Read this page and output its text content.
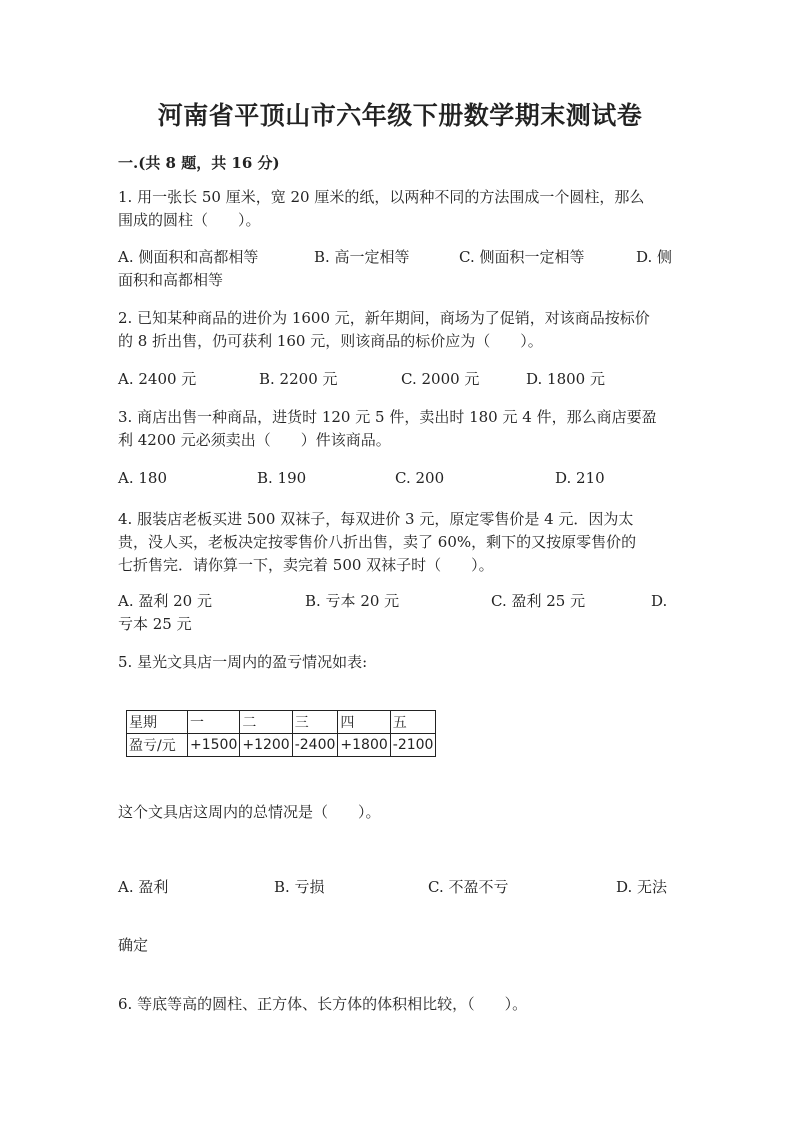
河南省平顶山市六年级下册数学期末测试卷
一.(共 8 题，共 16 分)
1. 用一张长 50 厘米，宽 20 厘米的纸，以两种不同的方法围成一个圆柱，那么
围成的圆柱（　　）。
A. 侧面积和高都相等	B. 高一定相等	C. 侧面积一定相等	D. 侧
面积和高都相等
2. 已知某种商品的进价为 1600 元，新年期间，商场为了促销，对该商品按标价
的 8 折出售，仍可获利 160 元，则该商品的标价应为（　　）。
A. 2400 元	B. 2200 元	C. 2000 元	D. 1800 元
3. 商店出售一种商品，进货时 120 元 5 件，卖出时 180 元 4 件，那么商店要盈
利 4200 元必须卖出（　　）件该商品。
A. 180	B. 190	C. 200	D. 210
4. 服装店老板买进 500 双袜子，每双进价 3 元，原定零售价是 4 元．因为太
贵，没人买，老板决定按零售价八折出售，卖了 60%，剩下的又按原零售价的
七折售完．请你算一下，卖完着 500 双袜子时（　　）。
A. 盈利 20 元	B. 亏本 20 元	C. 盈利 25 元	D.
亏本 25 元
5. 星光文具店一周内的盈亏情况如表:
星期	一	二	三	四	五
盈亏/元	+1500	+1200	-2400	+1800	-2100
这个文具店这周内的总情况是（　　）。
A. 盈利	B. 亏损	C. 不盈不亏	D. 无法
确定
6. 等底等高的圆柱、正方体、长方体的体积相比较，（　　）。
